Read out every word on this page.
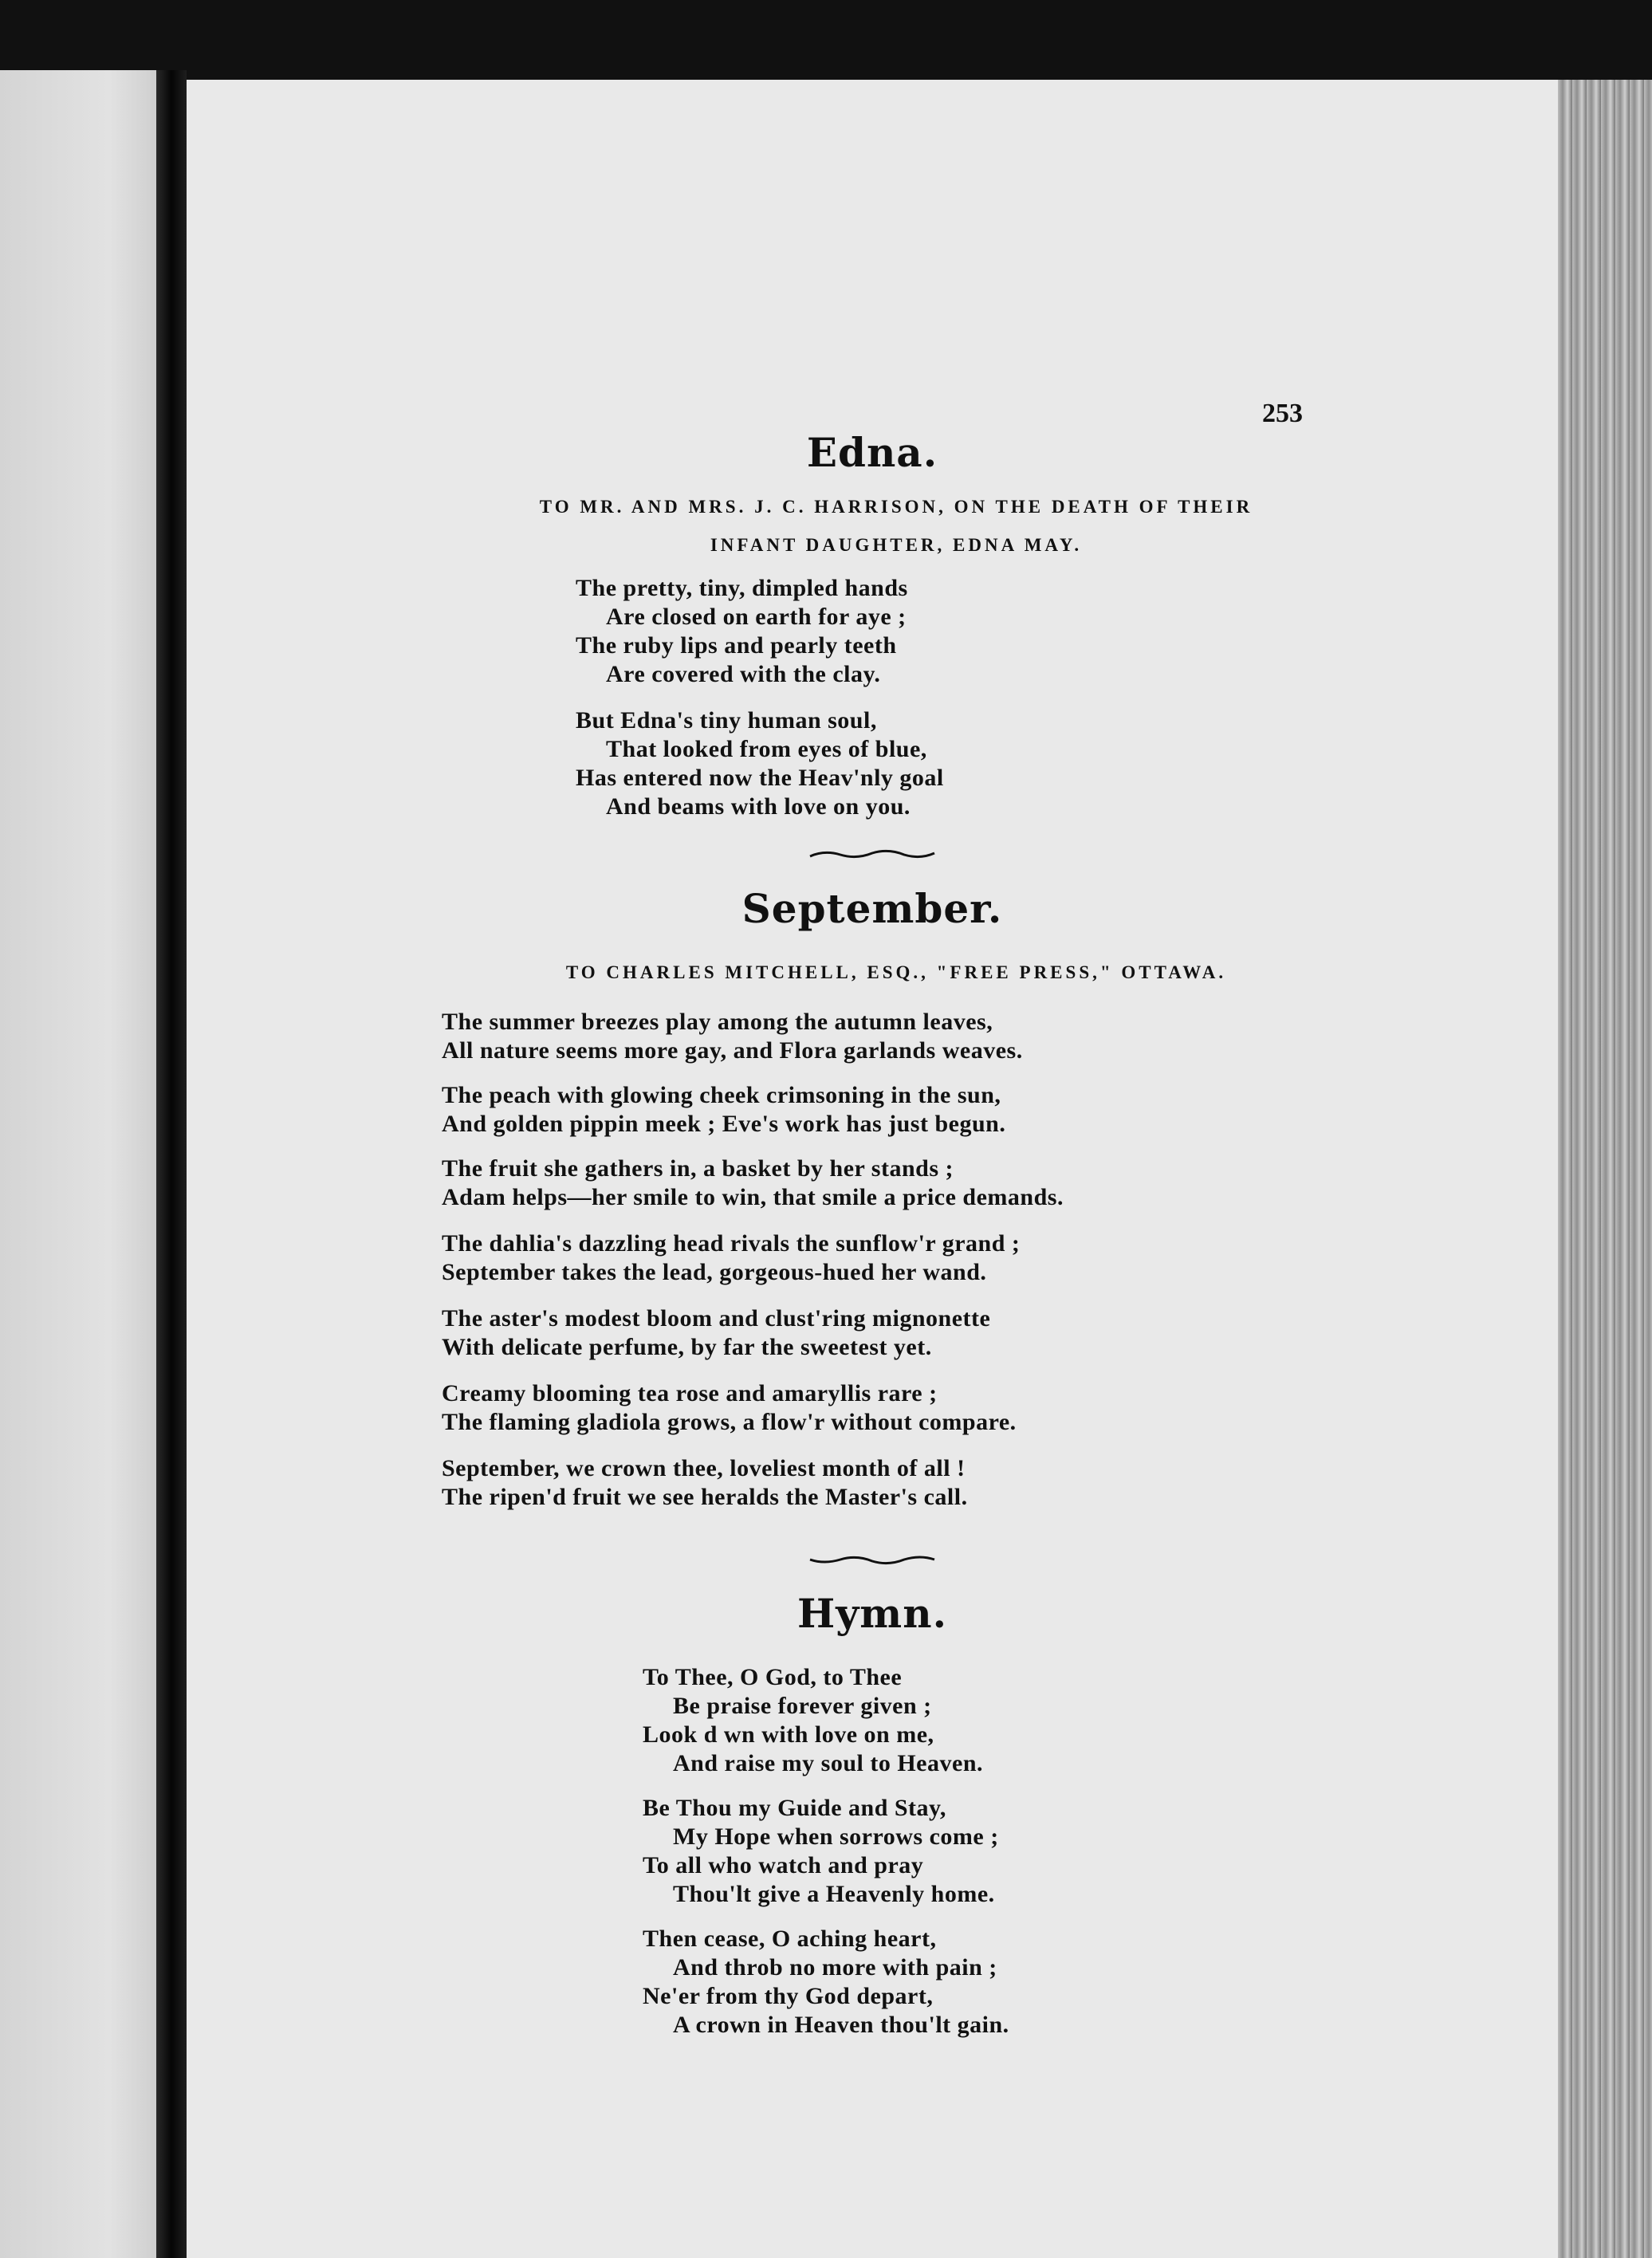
253
Edna.
TO MR. AND MRS. J. C. HARRISON, ON THE DEATH OF THEIR
INFANT DAUGHTER, EDNA MAY.
The pretty, tiny, dimpled hands
Are closed on earth for aye ;
The ruby lips and pearly teeth
Are covered with the clay.
But Edna's tiny human soul,
That looked from eyes of blue,
Has entered now the Heav'nly goal
And beams with love on you.
September.
TO CHARLES MITCHELL, ESQ., "FREE PRESS," OTTAWA.
The summer breezes play among the autumn leaves,
All nature seems more gay, and Flora garlands weaves.
The peach with glowing cheek crimsoning in the sun,
And golden pippin meek ; Eve's work has just begun.
The fruit she gathers in, a basket by her stands ;
Adam helps—her smile to win, that smile a price demands.
The dahlia's dazzling head rivals the sunflow'r grand ;
September takes the lead, gorgeous-hued her wand.
The aster's modest bloom and clust'ring mignonette
With delicate perfume, by far the sweetest yet.
Creamy blooming tea rose and amaryllis rare ;
The flaming gladiola grows, a flow'r without compare.
September, we crown thee, loveliest month of all !
The ripen'd fruit we see heralds the Master's call.
Hymn.
To Thee, O God, to Thee
Be praise forever given ;
Look d wn with love on me,
And raise my soul to Heaven.
Be Thou my Guide and Stay,
My Hope when sorrows come ;
To all who watch and pray
Thou'lt give a Heavenly home.
Then cease, O aching heart,
And throb no more with pain ;
Ne'er from thy God depart,
A crown in Heaven thou'lt gain.
